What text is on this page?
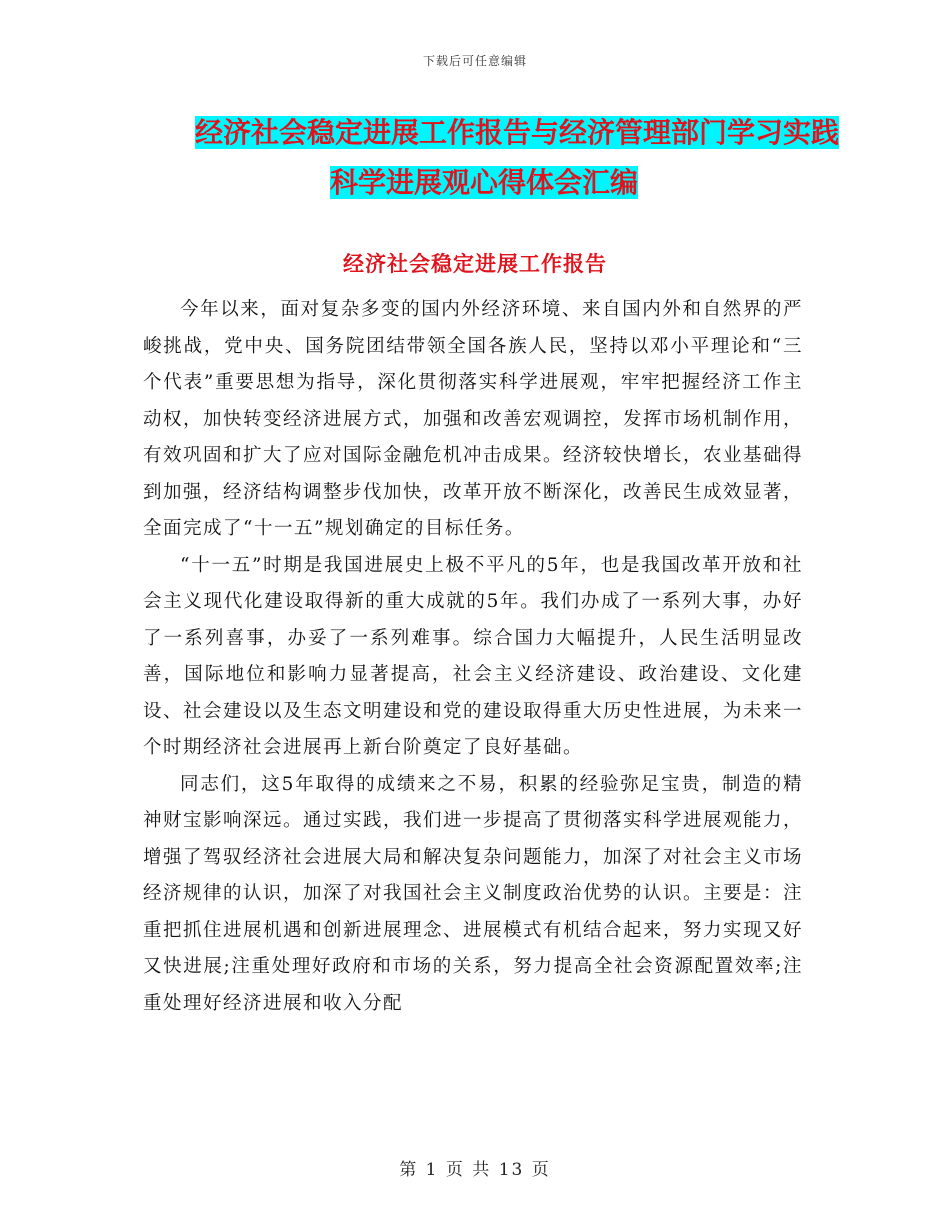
下载后可任意编辑
经济社会稳定进展工作报告与经济管理部门学习实践
科学进展观心得体会汇编
经济社会稳定进展工作报告

今年以来，面对复杂多变的国内外经济环境、来自国内外和自然界的严峻挑战，党中央、国务院团结带领全国各族人民，坚持以邓小平理论和“三个代表”重要思想为指导，深化贯彻落实科学进展观，牢牢把握经济工作主动权，加快转变经济进展方式，加强和改善宏观调控，发挥市场机制作用，有效巩固和扩大了应对国际金融危机冲击成果。经济较快增长，农业基础得到加强，经济结构调整步伐加快，改革开放不断深化，改善民生成效显著，全面完成了“十一五”规划确定的目标任务。

“十一五”时期是我国进展史上极不平凡的5年，也是我国改革开放和社会主义现代化建设取得新的重大成就的5年。我们办成了一系列大事，办好了一系列喜事，办妥了一系列难事。综合国力大幅提升，人民生活明显改善，国际地位和影响力显著提高，社会主义经济建设、政治建设、文化建设、社会建设以及生态文明建设和党的建设取得重大历史性进展，为未来一个时期经济社会进展再上新台阶奠定了良好基础。

同志们，这5年取得的成绩来之不易，积累的经验弥足宝贵，制造的精神财宝影响深远。通过实践，我们进一步提高了贯彻落实科学进展观能力，增强了驾驭经济社会进展大局和解决复杂问题能力，加深了对社会主义市场经济规律的认识，加深了对我国社会主义制度政治优势的认识。主要是：注重把抓住进展机遇和创新进展理念、进展模式有机结合起来，努力实现又好又快进展;注重处理好政府和市场的关系，努力提高全社会资源配置效率;注重处理好经济进展和收入分配

第 1 页 共 13 页
